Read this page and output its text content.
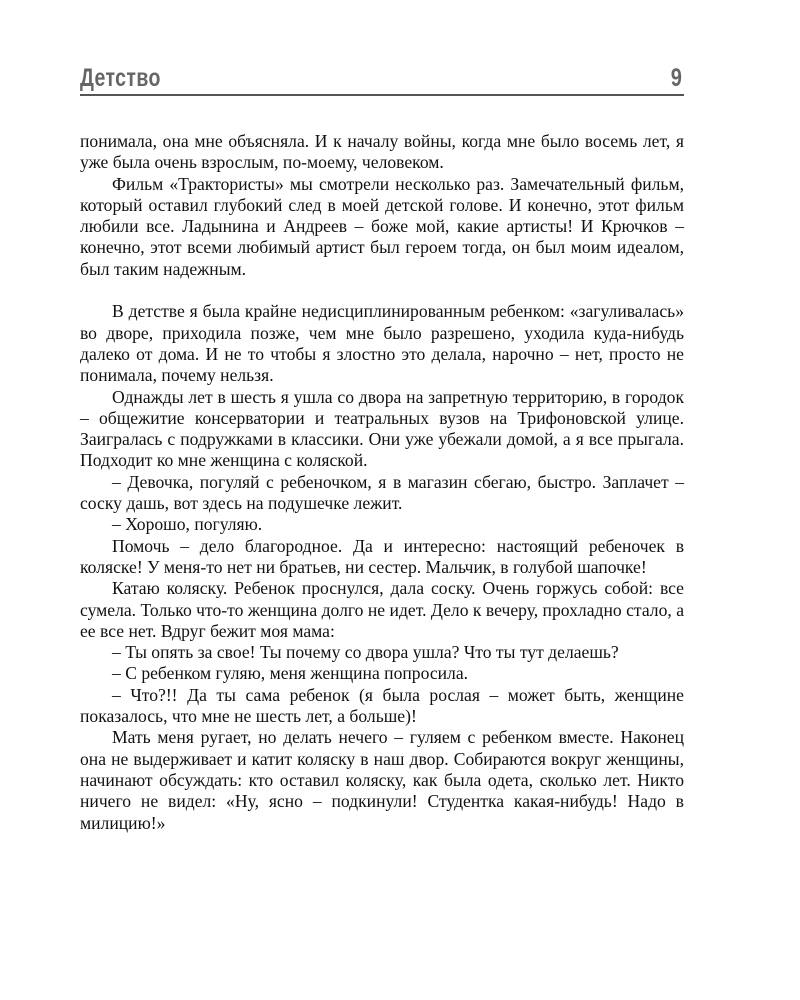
Детство	9

понимала, она мне объясняла. И к началу войны, когда мне было восемь лет, я уже была очень взрослым, по-моему, человеком.

Фильм «Трактористы» мы смотрели несколько раз. Замечательный фильм, который оставил глубокий след в моей детской голове. И конечно, этот фильм любили все. Ладынина и Андреев – боже мой, какие артисты! И Крючков – конечно, этот всеми любимый артист был героем тогда, он был моим идеалом, был таким надежным.

В детстве я была крайне недисциплинированным ребенком: «загуливалась» во дворе, приходила позже, чем мне было разрешено, уходила куда-нибудь далеко от дома. И не то чтобы я злостно это делала, нарочно – нет, просто не понимала, почему нельзя.

Однажды лет в шесть я ушла со двора на запретную территорию, в городок – общежитие консерватории и театральных вузов на Трифоновской улице. Заигралась с подружками в классики. Они уже убежали домой, а я все прыгала. Подходит ко мне женщина с коляской.

– Девочка, погуляй с ребеночком, я в магазин сбегаю, быстро. Заплачет – соску дашь, вот здесь на подушечке лежит.

– Хорошо, погуляю.

Помочь – дело благородное. Да и интересно: настоящий ребеночек в коляске! У меня-то нет ни братьев, ни сестер. Мальчик, в голубой шапочке!

Катаю коляску. Ребенок проснулся, дала соску. Очень горжусь собой: все сумела. Только что-то женщина долго не идет. Дело к вечеру, прохладно стало, а ее все нет. Вдруг бежит моя мама:

– Ты опять за свое! Ты почему со двора ушла? Что ты тут делаешь?

– С ребенком гуляю, меня женщина попросила.

– Что?!! Да ты сама ребенок (я была рослая – может быть, женщине показалось, что мне не шесть лет, а больше)!

Мать меня ругает, но делать нечего – гуляем с ребенком вместе. Наконец она не выдерживает и катит коляску в наш двор. Собираются вокруг женщины, начинают обсуждать: кто оставил коляску, как была одета, сколько лет. Никто ничего не видел: «Ну, ясно – подкинули! Студентка какая-нибудь! Надо в милицию!»
